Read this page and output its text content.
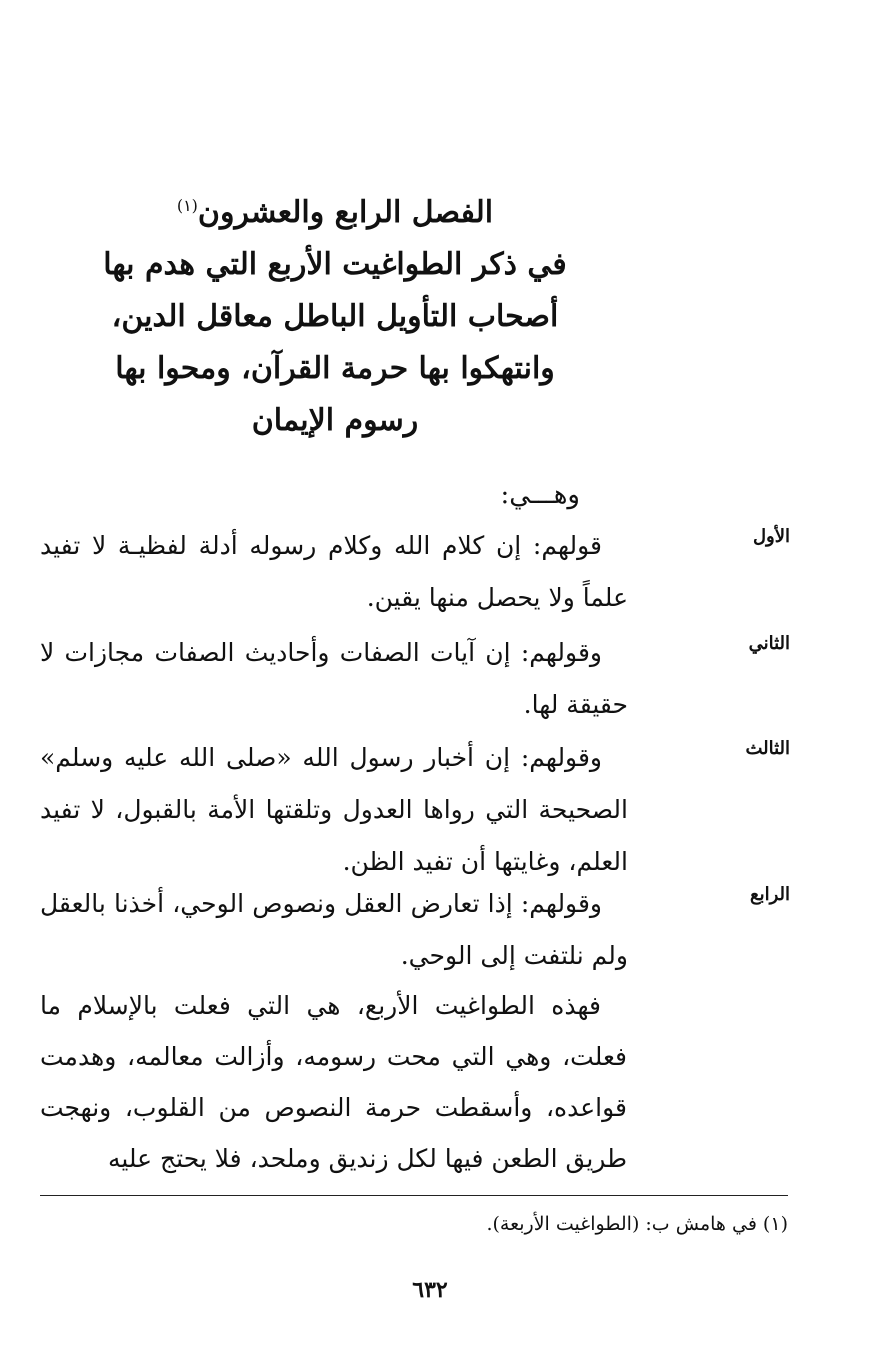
الفصل الرابع والعشرون$^{(١)}$
في ذكر الطواغيت الأربع التي هدم بها
أصحاب التأويل الباطل معاقل الدين،
وانتهكوا بها حرمة القرآن، ومحوا بها
رسوم الإيمان
وهـــي:
الأول
قولهم: إن كلام الله وكلام رسوله أدلة لفظيـة لا تفيد علماً ولا يحصل منها يقين.
الثاني
وقولهم: إن آيات الصفات وأحاديث الصفات مجازات لا حقيقة لها.
الثالث
وقولهم: إن أخبار رسول الله «صلى الله عليه وسلم» الصحيحة التي رواها العدول وتلقتها الأمة بالقبول، لا تفيد العلم، وغايتها أن تفيد الظن.
الرابع
وقولهم: إذا تعارض العقل ونصوص الوحي، أخذنا بالعقل ولم نلتفت إلى الوحي.

فهذه الطواغيت الأربع، هي التي فعلت بالإسلام ما فعلت، وهي التي محت رسومه، وأزالت معالمه، وهدمت قواعده، وأسقطت حرمة النصوص من القلوب، ونهجت طريق الطعن فيها لكل زنديق وملحد، فلا يحتج عليه

(١) في هامش ب: (الطواغيت الأربعة).
٦٣٢
